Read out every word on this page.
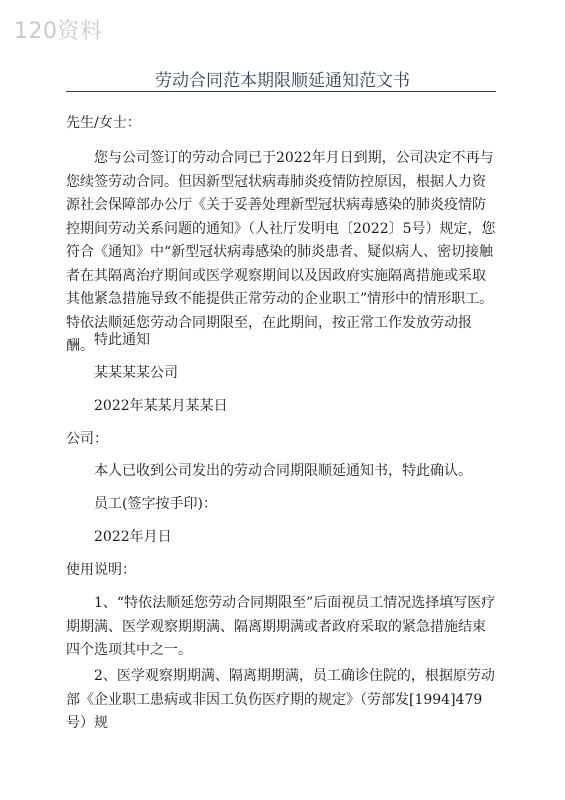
120资料
劳动合同范本期限顺延通知范文书

先生/女士：

您与公司签订的劳动合同已于2022年月日到期，公司决定不再与您续签劳动合同。但因新型冠状病毒肺炎疫情防控原因，根据人力资源社会保障部办公厅《关于妥善处理新型冠状病毒感染的肺炎疫情防控期间劳动关系问题的通知》（人社厅发明电〔2022〕5号）规定，您符合《通知》中“新型冠状病毒感染的肺炎患者、疑似病人、密切接触者在其隔离治疗期间或医学观察期间以及因政府实施隔离措施或采取其他紧急措施导致不能提供正常劳动的企业职工”情形中的情形职工。特依法顺延您劳动合同期限至，在此期间，按正常工作发放劳动报酬。 特此通知

某某某某公司

2022年某某月某某日

公司：

本人已收到公司发出的劳动合同期限顺延通知书，特此确认。

员工(签字按手印)：

2022年月日

使用说明：

1、“特依法顺延您劳动合同期限至”后面视员工情况选择填写医疗期期满、医学观察期期满、隔离期期满或者政府采取的紧急措施结束四个选项其中之一。

2、医学观察期期满、隔离期期满，员工确诊住院的，根据原劳动部《企业职工患病或非因工负伤医疗期的规定》（劳部发[1994]479号）规
